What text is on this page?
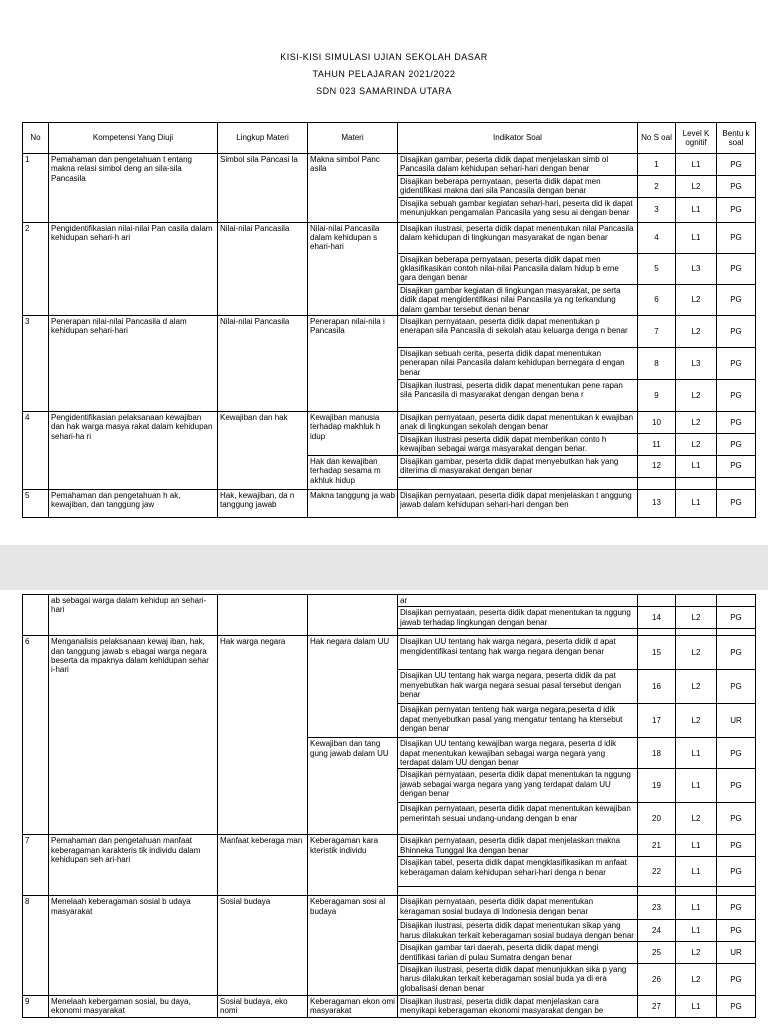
KISI-KISI SIMULASI UJIAN SEKOLAH DASAR
TAHUN PELAJARAN 2021/2022
SDN 023 SAMARINDA UTARA
No	Kompetensi Yang Diuji	Lingkup Materi	Materi	Indikator Soal	No S oal	Level K ognitif	Bentu k soal
1	Pemahaman dan pengetahuan t entang makna relasi simbol deng an sila-sila Pancasila	Simbol sila Pancasi la	Makna simbol Panc asila	Disajikan gambar, peserta didik dapat menjelaskan simb ol Pancasila dalam kehidupan sehari-hari dengan benar	1	L1	PG
				Disajikan beberapa pernyataan, peserta didik dapat men gidentifikasi makna dari sila Pancasila dengan benar	2	L2	PG
				Disajika sebuah gambar kegiatan sehari-hari, peserta did ik dapat menunjukkan pengamalan Pancasila yang sesu ai dengan benar	3	L1	PG
2	Pengidentifikasian nilai-nilai Pan casila dalam kehidupan sehari-h ari	Nilai-nilai Pancasila	Nilai-nilai Pancasila dalam kehidupan s ehari-hari	Disajikan ilustrasi, peserta didik dapat menentukan nilai Pancasila dalam kehidupan di lingkungan masyarakat de ngan benar	4	L1	PG
				Disajikan beberapa pernyataan, peserta didik dapat men gklasifikasikan contoh nilai-nilai Pancasila dalam hidup b erne gara dengan benar	5	L3	PG
				Disajikan gambar kegiatan di lingkungan masyarakat, pe serta didik dapat mengidentifikasi nilai Pancasila ya ng terkandung dalam gambar tersebut denan benar	6	L2	PG
3	Penerapan nilai-nilai Pancasila d alam kehidupan sehari-hari	Nilai-nilai Pancasila	Penerapan nilai-nila i Pancasila	Disajikan pernyataan, peserta didik dapat menentukan p enerapan sila Pancasila di sekolah atau keluarga denga n benar	7	L2	PG
				Disajikan sebuah cerita, peserta didik dapat menentukan penerapan nilai Pancasila dalam kehidupan bernegara d engan benar	8	L3	PG
				Disajikan ilustrasi, peserta didik dapat menentukan pene rapan sila Pancasila di masyarakat dengan dengan bena r	9	L2	PG
4	Pengidentifikasian pelaksanaan kewajiban dan hak warga masya rakat dalam kehidupan sehari-ha ri	Kewajiban dan hak	Kewajiban manusia terhadap makhluk h idup	Disajikan pernyataan, peserta didik dapat menentukan k ewajiban anak di lingkungan sekolah dengan benar	10	L2	PG
				Disajikan ilustrasi peserta didik dapat memberikan conto h kewajiban sebagai warga masyarakat dengan benar.	11	L2	PG
			Hak dan kewajiban terhadap sesama m akhluk hidup	Disajikan gambar, peserta didik dapat menyebutkan hak yang diterima di masyarakat dengan benar	12	L1	PG

5	Pemahaman dan pengetahuan h ak, kewajiban, dan tanggung jaw	Hak, kewajiban, da n tanggung jawab	Makna tanggung ja wab	Disajikan pernyataan, peserta didik dapat menjelaskan t anggung jawab dalam kehidupan sehari-hari dengan ben	13	L1	PG
	ab sebagai warga dalam kehidup an sehari-hari			ar			
				Disajikan pernyataan, peserta didik dapat menentukan ta nggung jawab terhadap lingkungan dengan benar	14	L2	PG

6	Menganalisis pelaksanaan kewaj iban, hak, dan tanggung jawab s ebagai warga negara beserta da mpaknya dalam kehidupan sehar i-hari	Hak warga negara	Hak negara dalam UU	Disajikan UU tentang hak warga negara, peserta didik d apat mengidentifikasi tentang hak warga negara dengan benar	15	L2	PG
				Disajikan UU tentang hak warga negara, peserta didik da pat menyebutkan hak warga negara sesuai pasal tersebut dengan benar	16	L2	PG
				Disajikan pernyatan tenteng hak warga negara,peserta d idik dapat menyebutkan pasal yang mengatur tentang ha ktersebut dengan benar	17	L2	UR
			Kewajiban dan tang gung jawab dalam UU	Disajikan UU tentang kewajiban warga negara, peserta d idik dapat menentukan kewajiban sebagai warga negara yang terdapat dalam UU dengan benar	18	L1	PG
				Disajikan pernyataan, peserta didik dapat menentukan ta nggung jawab sebagai warga negara yang yang terdapat dalam UU dengan benar	19	L1	PG
				Disajikan pernyataan, peserta didik dapat menentukan kewajiban pemerintah sesuai undang-undang dengan b enar	20	L2	PG
7	Pemahaman dan pengetahuan manfaat keberagaman karakteris tik individu dalam kehidupan seh ari-hari	Manfaat keberaga man	Keberagaman kara kteristik individu	Disajikan pernyataan, peserta didik dapat menjelaskan makna Bhinneka Tunggal Ika dengan benar	21	L1	PG
				Disajikan tabel, peserta didik dapat mengklasifikasikan m anfaat keberagaman dalam kehidupan sehari-hari denga n benar	22	L1	PG

8	Menelaah keberagaman sosial b udaya masyarakat	Sosial budaya	Keberagaman sosi al budaya	Disajikan pernyataan, peserta didik dapat menentukan keragaman sosial budaya di Indonesia dengan benar	23	L1	PG
				Disajikan ilustrasi, peserta didik dapat menentukan sikap yang harus dilakukan terkait keberagaman sosial budaya dengan benar	24	L1	PG
				Disajikan gambar tari daerah, peserta didik dapat mengi dentifikasi tarian di pulau Sumatra dengan benar	25	L2	UR
				Disajikan ilustrasi, peserta didik dapat menunjukkan sika p yang harus dilakukan terkait keberagaman sosial buda ya di era globalisasi denan benar	26	L2	PG
9	Menelaah kebergaman sosial, bu daya, ekonomi masyarakat	Sosial budaya, eko nomi	Keberagaman ekon omi masyarakat	Disajikan ilustrasi, peserta didik dapat menjelaskan cara menyikapi keberagaman ekonomi masyarakat dengan be	27	L1	PG
